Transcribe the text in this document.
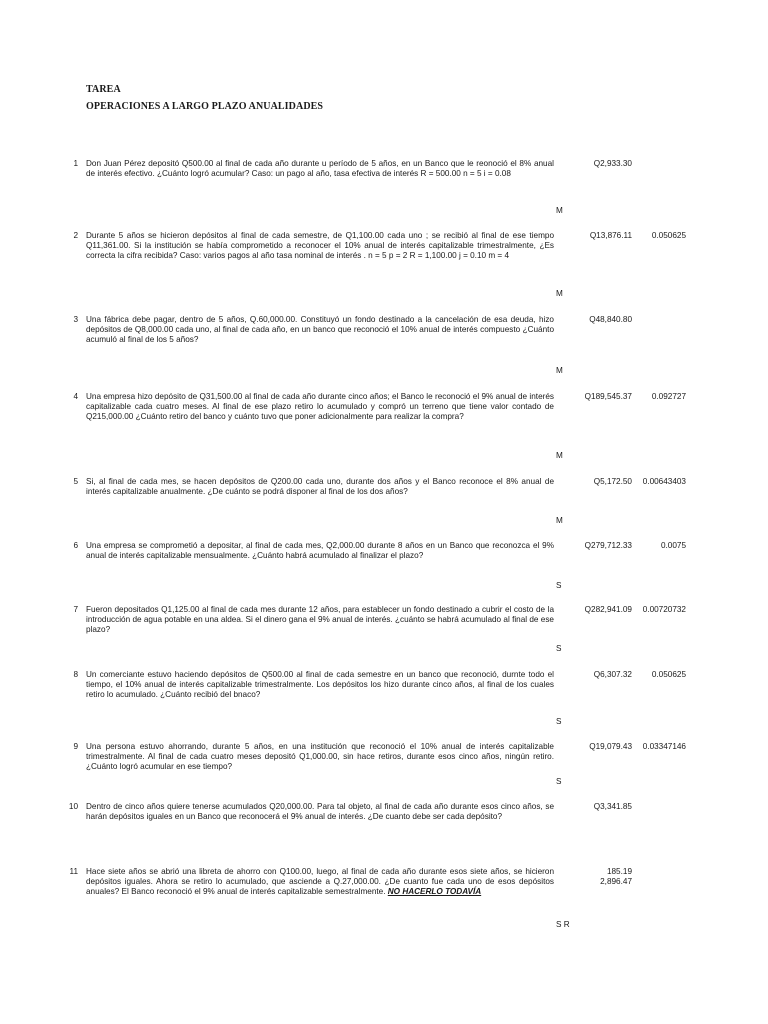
TAREA
OPERACIONES A LARGO PLAZO ANUALIDADES
1 Don Juan Pérez depositó Q500.00 al final de cada año durante u período de 5 años, en un Banco que le reonoció el 8% anual de interés efectivo. ¿Cuánto logró acumular? Caso: un pago al año, tasa efectiva de interés R = 500.00 n = 5 i = 0.08
Q2,933.30
M
2 Durante 5 años se hicieron depósitos al final de cada semestre, de Q1,100.00 cada uno ; se recibió al final de ese tiempo Q11,361.00. Si la institución se había comprometido a reconocer el 10% anual de interés capitalizable trimestralmente, ¿Es correcta la cifra recibida? Caso: varios pagos al año tasa nominal de interés . n = 5 p = 2 R = 1,100.00 j = 0.10 m = 4
Q13,876.11	0.050625
M
3 Una fábrica debe pagar, dentro de 5 años, Q.60,000.00. Constituyó un fondo destinado a la cancelación de esa deuda, hizo depósitos de Q8,000.00 cada uno, al final de cada año, en un banco que reconoció el 10% anual de interés compuesto ¿Cuánto acumuló al final de los 5 años?
Q48,840.80
M
4 Una empresa hizo depósito de Q31,500.00 al final de cada año durante cinco años; el Banco le reconoció el 9% anual de interés capitalizable cada cuatro meses. Al final de ese plazo retiro lo acumulado y compró un terreno que tiene valor contado de Q215,000.00 ¿Cuánto retiro del banco y cuánto tuvo que poner adicionalmente para realizar la compra?
Q189,545.37	0.092727
M
5 Si, al final de cada mes, se hacen depósitos de Q200.00 cada uno, durante dos años y el Banco reconoce el 8% anual de interés capitalizable anualmente. ¿De cuánto se podrá disponer al final de los dos años?
Q5,172.50	0.00643403
M
6 Una empresa se comprometió a depositar, al final de cada mes, Q2,000.00 durante 8 años en un Banco que reconozca el 9% anual de interés capitalizable mensualmente. ¿Cuánto habrá acumulado al finalizar el plazo?
Q279,712.33	0.0075
S
7 Fueron depositados Q1,125.00 al final de cada mes durante 12 años, para establecer un fondo destinado a cubrir el costo de la introducción de agua potable en una aldea. Si el dinero gana el 9% anual de interés. ¿cuánto se habrá acumulado al final de ese plazo?
Q282,941.09	0.00720732
S
8 Un comerciante estuvo haciendo depósitos de Q500.00 al final de cada semestre en un banco que reconoció, durnte todo el tiempo, el 10% anual de interés capitalizable trimestralmente. Los depósitos los hizo durante cinco años, al final de los cuales retiro lo acumulado. ¿Cuánto recibió del bnaco?
Q6,307.32	0.050625
S
9 Una persona estuvo ahorrando, durante 5 años, en una institución que reconoció el 10% anual de interés capitalizable trimestralmente. Al final de cada cuatro meses depositó Q1,000.00, sin hace retiros, durante esos cinco años, ningún retiro. ¿Cuánto logró acumular en ese tiempo?
Q19,079.43	0.03347146
S
10 Dentro de cinco años quiere tenerse acumulados Q20,000.00. Para tal objeto, al final de cada año durante esos cinco años, se harán depósitos iguales en un Banco que reconocerá el 9% anual de interés. ¿De cuanto debe ser cada depósito?
Q3,341.85
11 Hace siete años se abrió una libreta de ahorro con Q100.00, luego, al final de cada año durante esos siete años, se hicieron depósitos iguales. Ahora se retiro lo acumulado, que asciende a Q.27,000.00. ¿De cuanto fue cada uno de esos depósitos anuales? El Banco reconoció el 9% anual de interés capitalizable semestralmente. NO HACERLO TODAVÍA
185.19
2,896.47
S R
